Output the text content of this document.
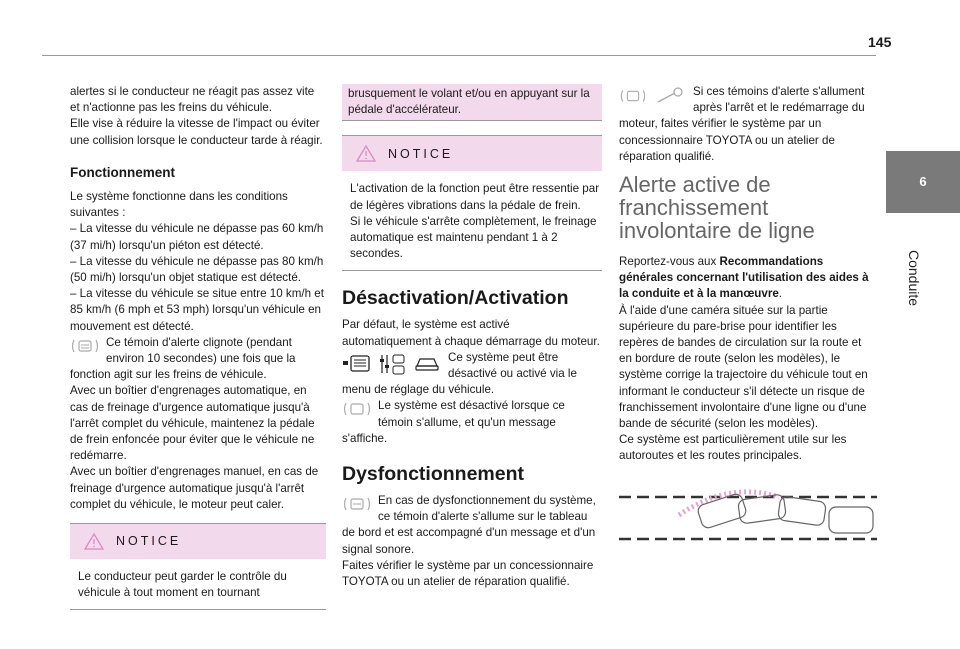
145
6
Conduite

alertes si le conducteur ne réagit pas assez vite et n'actionne pas les freins du véhicule.
Elle vise à réduire la vitesse de l'impact ou éviter une collision lorsque le conducteur tarde à réagir.

Fonctionnement

Le système fonctionne dans les conditions suivantes :

– La vitesse du véhicule ne dépasse pas 60 km/h (37 mi/h) lorsqu'un piéton est détecté.

– La vitesse du véhicule ne dépasse pas 80 km/h (50 mi/h) lorsqu'un objet statique est détecté.

– La vitesse du véhicule se situe entre 10 km/h et 85 km/h (6 mph et 53 mph) lorsqu'un véhicule en mouvement est détecté.

Ce témoin d'alerte clignote (pendant environ 10 secondes) une fois que la fonction agit sur les freins de véhicule.

Avec un boîtier d'engrenages automatique, en cas de freinage d'urgence automatique jusqu'à l'arrêt complet du véhicule, maintenez la pédale de frein enfoncée pour éviter que le véhicule ne redémarre.

Avec un boîtier d'engrenages manuel, en cas de freinage d'urgence automatique jusqu'à l'arrêt complet du véhicule, le moteur peut caler.

NOTICE
Le conducteur peut garder le contrôle du véhicule à tout moment en tournant
brusquement le volant et/ou en appuyant sur la pédale d'accélérateur.
NOTICE
L'activation de la fonction peut être ressentie par de légères vibrations dans la pédale de frein.
Si le véhicule s'arrête complètement, le freinage automatique est maintenu pendant 1 à 2 secondes.
Désactivation/Activation

Par défaut, le système est activé automatiquement à chaque démarrage du moteur.

Ce système peut être désactivé ou activé via le menu de réglage du véhicule.

Le système est désactivé lorsque ce témoin s'allume, et qu'un message s'affiche.

Dysfonctionnement

En cas de dysfonctionnement du système, ce témoin d'alerte s'allume sur le tableau de bord et est accompagné d'un message et d'un signal sonore.

Faites vérifier le système par un concessionnaire TOYOTA ou un atelier de réparation qualifié.

Si ces témoins d'alerte s'allument après l'arrêt et le redémarrage du moteur, faites vérifier le système par un concessionnaire TOYOTA ou un atelier de réparation qualifié.

Alerte active de franchissement involontaire de ligne

Reportez-vous aux Recommandations générales concernant l'utilisation des aides à la conduite et à la manœuvre.

À l'aide d'une caméra située sur la partie supérieure du pare-brise pour identifier les repères de bandes de circulation sur la route et en bordure de route (selon les modèles), le système corrige la trajectoire du véhicule tout en informant le conducteur s'il détecte un risque de franchissement involontaire d'une ligne ou d'une bande de sécurité (selon les modèles).

Ce système est particulièrement utile sur les autoroutes et les routes principales.
